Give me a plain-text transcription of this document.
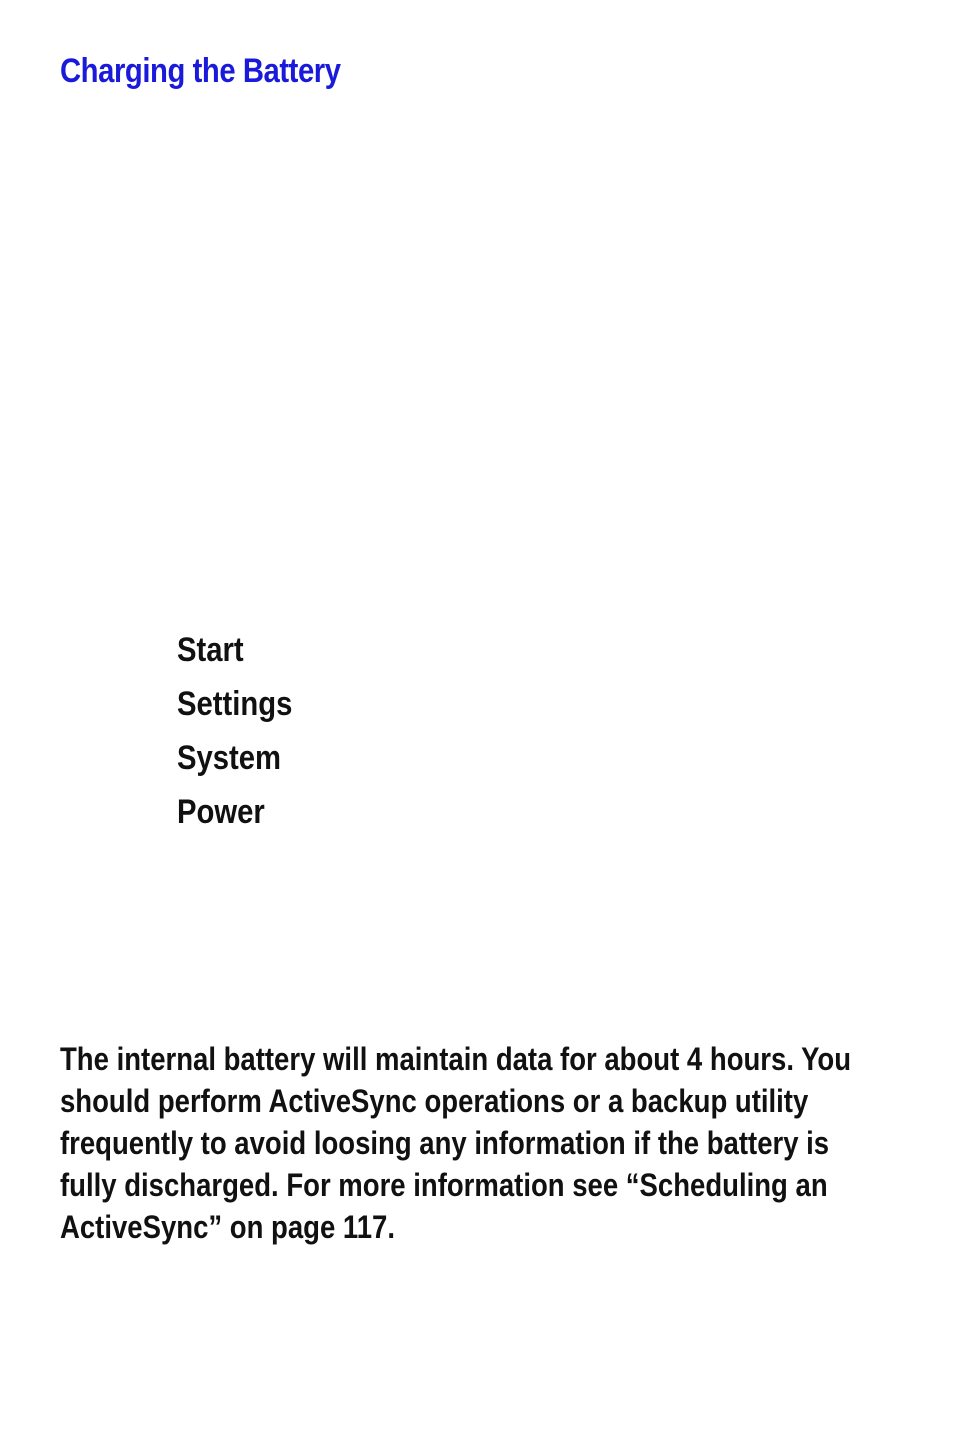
Charging the Battery
Start
Settings
System
Power

The internal battery will maintain data for about 4 hours. You should perform ActiveSync operations or a backup utility frequently to avoid loosing any information if the battery is fully discharged. For more information see “Scheduling an ActiveSync” on page 117.
